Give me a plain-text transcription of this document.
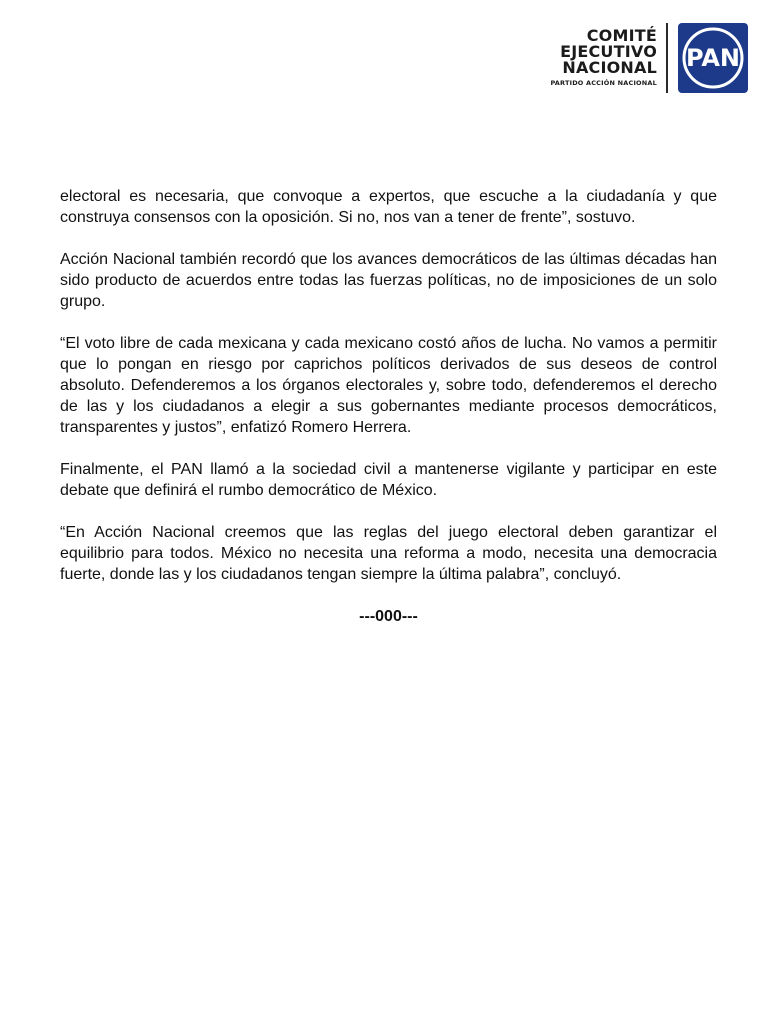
COMITÉ
EJECUTIVO
NACIONAL
PARTIDO ACCIÓN NACIONAL
PAN

electoral es necesaria, que convoque a expertos, que escuche a la ciudadanía y que construya consensos con la oposición. Si no, nos van a tener de frente”, sostuvo.

Acción Nacional también recordó que los avances democráticos de las últimas décadas han sido producto de acuerdos entre todas las fuerzas políticas, no de imposiciones de un solo grupo.

“El voto libre de cada mexicana y cada mexicano costó años de lucha. No vamos a permitir que lo pongan en riesgo por caprichos políticos derivados de sus deseos de control absoluto. Defenderemos a los órganos electorales y, sobre todo, defenderemos el derecho de las y los ciudadanos a elegir a sus gobernantes mediante procesos democráticos, transparentes y justos”, enfatizó Romero Herrera.

Finalmente, el PAN llamó a la sociedad civil a mantenerse vigilante y participar en este debate que definirá el rumbo democrático de México.

“En Acción Nacional creemos que las reglas del juego electoral deben garantizar el equilibrio para todos. México no necesita una reforma a modo, necesita una democracia fuerte, donde las y los ciudadanos tengan siempre la última palabra”, concluyó.

---000---
